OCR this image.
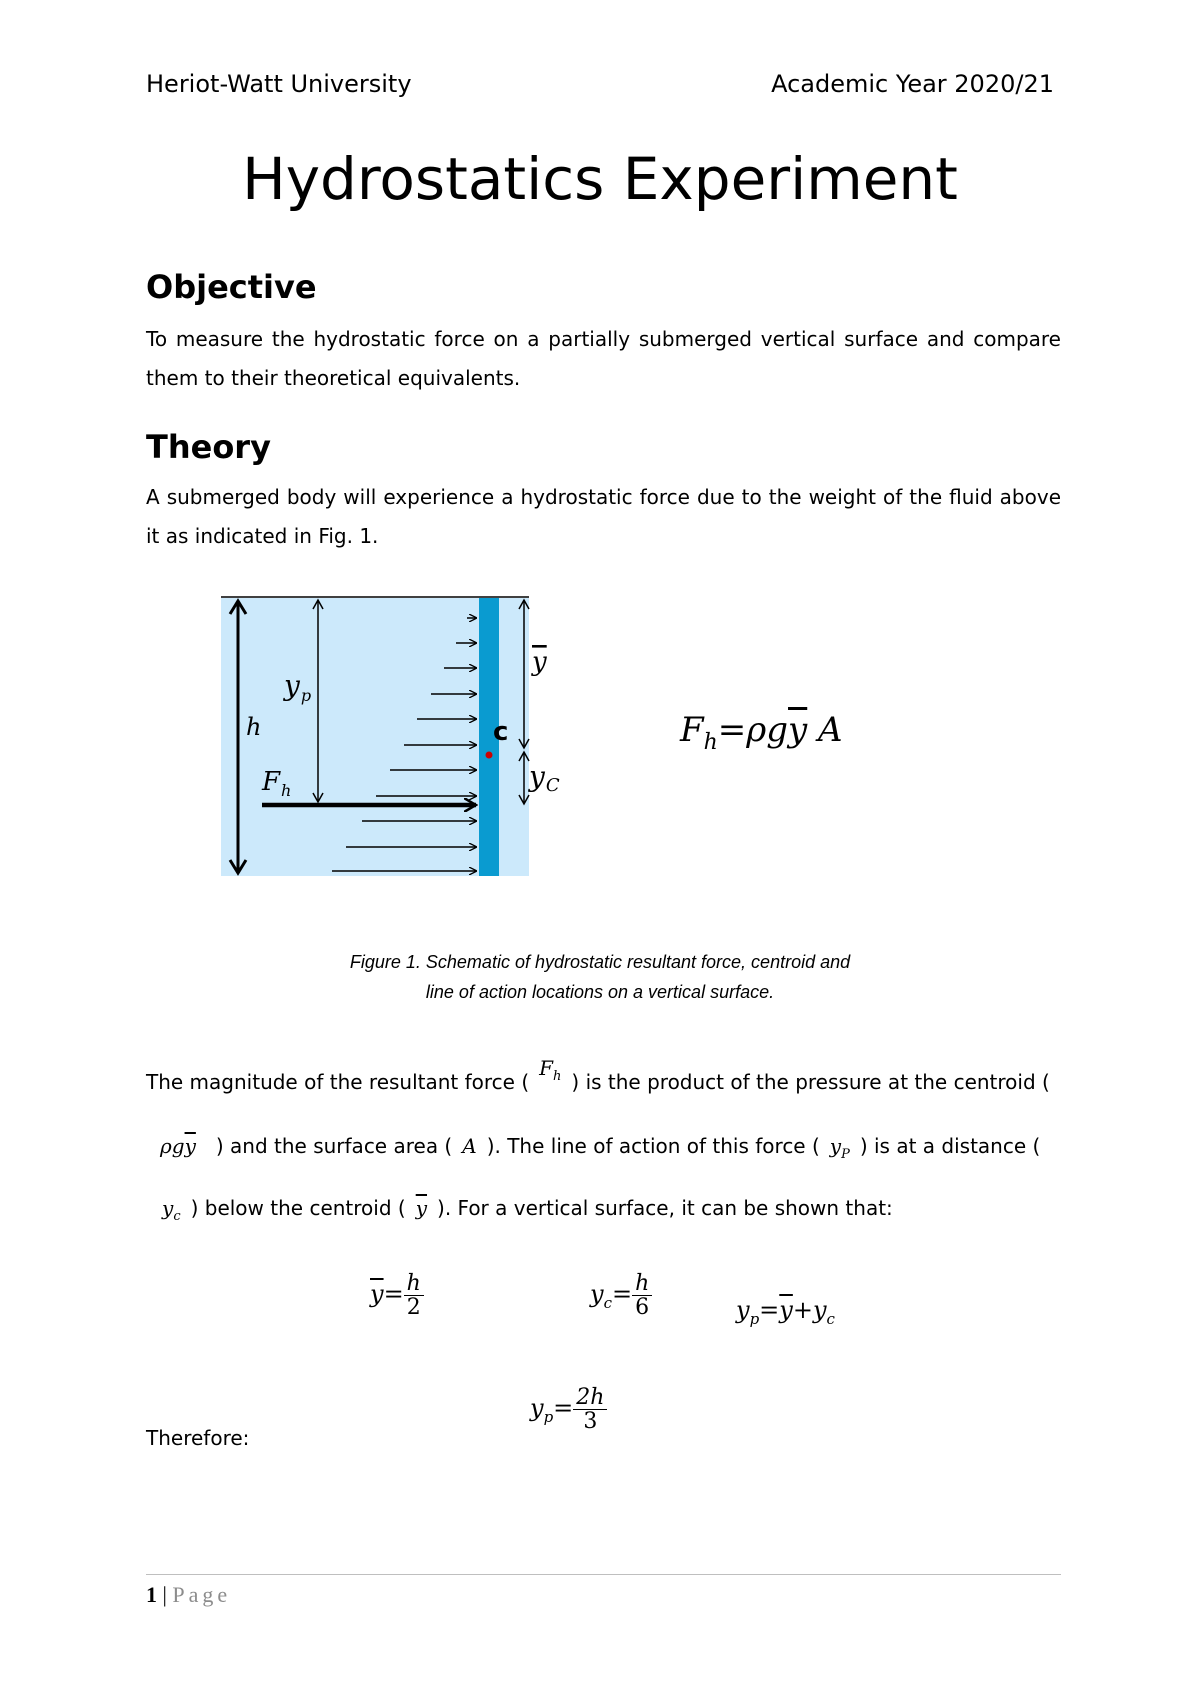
Heriot-Watt University	Academic Year 2020/21
Hydrostatics Experiment
Objective
To measure the hydrostatic force on a partially submerged vertical surface and compare them to their theoretical equivalents.
Theory
A submerged body will experience a hydrostatic force due to the weight of the fluid above it as indicated in Fig. 1.
$y_p$
h
$F_h$
c
y
yC
$F_h=\rho g\overline{y}$ A
Figure 1. Schematic of hydrostatic resultant force, centroid and
line of action locations on a vertical surface.
The magnitude of the resultant force ($F_h$ ) is the product of the pressure at the centroid (
$\rho g\overline{y}$ ) and the surface area ( A ). The line of action of this force ( $y_P$ ) is at a distance (
$y_c$ ) below the centroid ( $\overline{y}$ ). For a vertical surface, it can be shown that:
$\overline{y}= \frac{h}{2}$	$y_c= \frac{h}{6}$	$y_p=\overline{y}+y_c$
$y_p= \frac{2h}{3}$
Therefore:
1 | Page
